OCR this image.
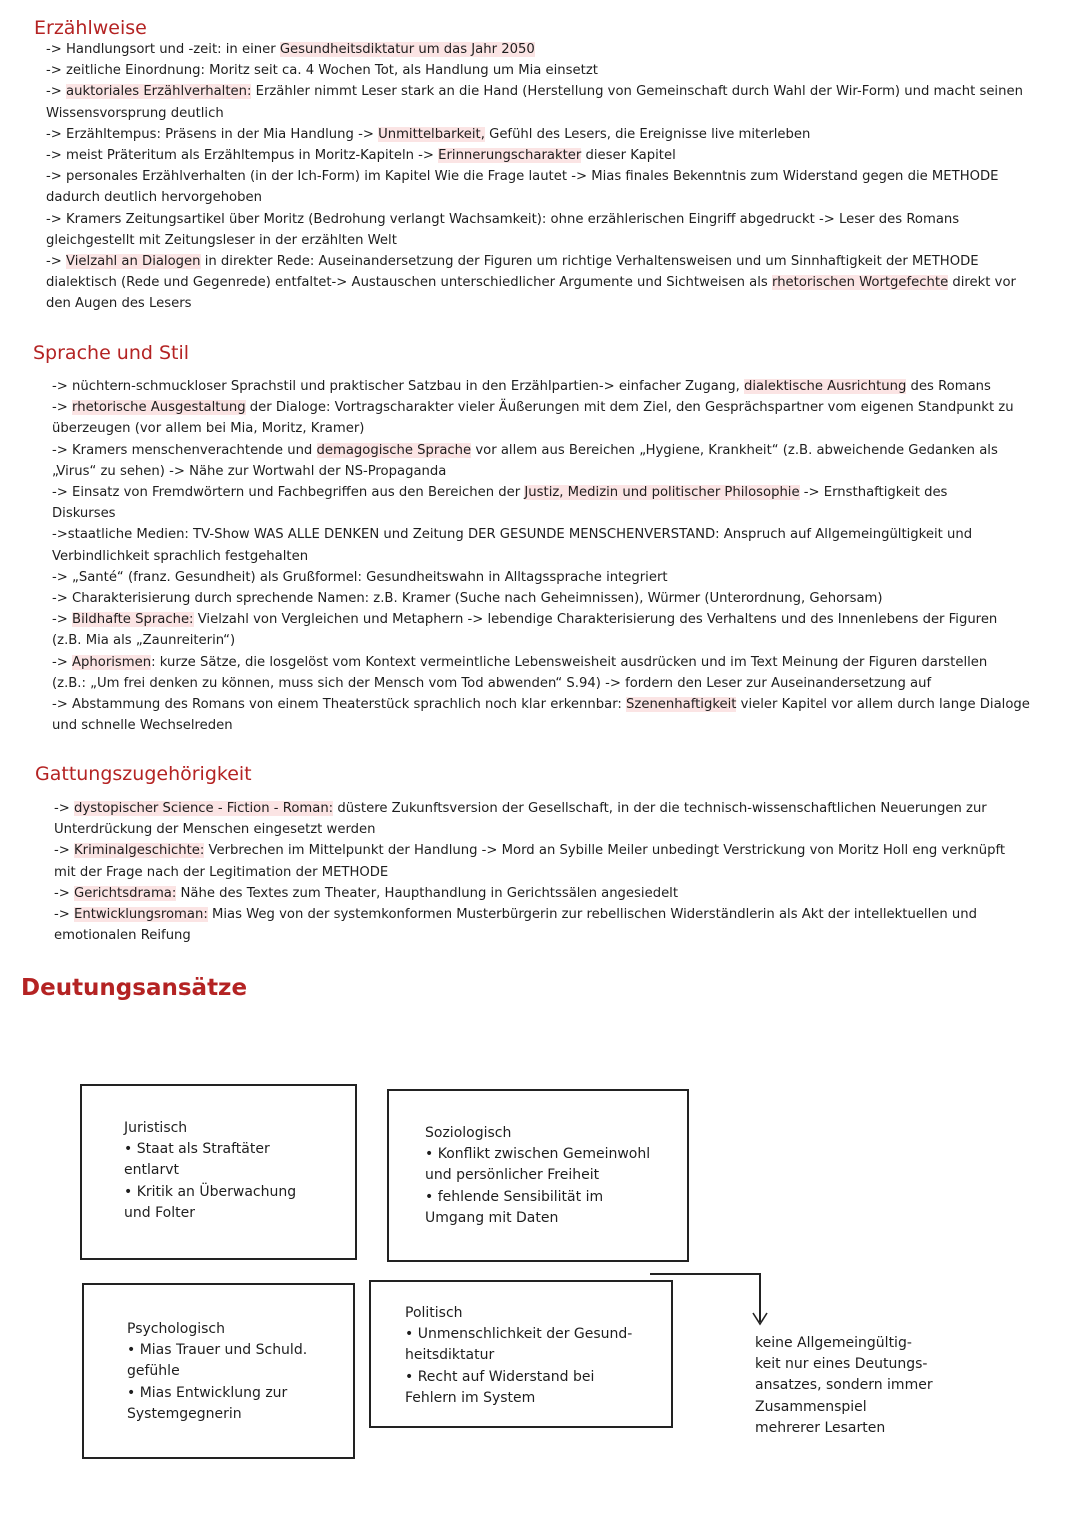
Erzählweise
-> Handlungsort und -zeit: in einer Gesundheitsdiktatur um das Jahr 2050
-> zeitliche Einordnung: Moritz seit ca. 4 Wochen Tot, als Handlung um Mia einsetzt
-> auktoriales Erzählverhalten: Erzähler nimmt Leser stark an die Hand (Herstellung von Gemeinschaft durch Wahl der Wir-Form) und macht seinen
Wissensvorsprung deutlich
-> Erzähltempus: Präsens in der Mia Handlung -> Unmittelbarkeit, Gefühl des Lesers, die Ereignisse live miterleben
-> meist Präteritum als Erzähltempus in Moritz-Kapiteln -> Erinnerungscharakter dieser Kapitel
-> personales Erzählverhalten (in der Ich-Form) im Kapitel Wie die Frage lautet -> Mias finales Bekenntnis zum Widerstand gegen die METHODE
dadurch deutlich hervorgehoben
-> Kramers Zeitungsartikel über Moritz (Bedrohung verlangt Wachsamkeit): ohne erzählerischen Eingriff abgedruckt -> Leser des Romans
gleichgestellt mit Zeitungsleser in der erzählten Welt
-> Vielzahl an Dialogen in direkter Rede: Auseinandersetzung der Figuren um richtige Verhaltensweisen und um Sinnhaftigkeit der METHODE
dialektisch (Rede und Gegenrede) entfaltet-> Austauschen unterschiedlicher Argumente und Sichtweisen als rhetorischen Wortgefechte direkt vor
den Augen des Lesers
Sprache und Stil
-> nüchtern-schmuckloser Sprachstil und praktischer Satzbau in den Erzählpartien-> einfacher Zugang, dialektische Ausrichtung des Romans
-> rhetorische Ausgestaltung der Dialoge: Vortragscharakter vieler Äußerungen mit dem Ziel, den Gesprächspartner vom eigenen Standpunkt zu
überzeugen (vor allem bei Mia, Moritz, Kramer)
-> Kramers menschenverachtende und demagogische Sprache vor allem aus Bereichen „Hygiene, Krankheit“ (z.B. abweichende Gedanken als
„Virus“ zu sehen) -> Nähe zur Wortwahl der NS-Propaganda
-> Einsatz von Fremdwörtern und Fachbegriffen aus den Bereichen der Justiz, Medizin und politischer Philosophie -> Ernsthaftigkeit des
Diskurses
->staatliche Medien: TV-Show WAS ALLE DENKEN und Zeitung DER GESUNDE MENSCHENVERSTAND: Anspruch auf Allgemeingültigkeit und
Verbindlichkeit sprachlich festgehalten
-> „Santé“ (franz. Gesundheit) als Grußformel: Gesundheitswahn in Alltagssprache integriert
-> Charakterisierung durch sprechende Namen: z.B. Kramer (Suche nach Geheimnissen), Würmer (Unterordnung, Gehorsam)
-> Bildhafte Sprache: Vielzahl von Vergleichen und Metaphern -> lebendige Charakterisierung des Verhaltens und des Innenlebens der Figuren
(z.B. Mia als „Zaunreiterin“)
-> Aphorismen: kurze Sätze, die losgelöst vom Kontext vermeintliche Lebensweisheit ausdrücken und im Text Meinung der Figuren darstellen
(z.B.: „Um frei denken zu können, muss sich der Mensch vom Tod abwenden“ S.94) -> fordern den Leser zur Auseinandersetzung auf
-> Abstammung des Romans von einem Theaterstück sprachlich noch klar erkennbar: Szenenhaftigkeit vieler Kapitel vor allem durch lange Dialoge
und schnelle Wechselreden
Gattungszugehörigkeit
-> dystopischer Science - Fiction - Roman: düstere Zukunftsversion der Gesellschaft, in der die technisch-wissenschaftlichen Neuerungen zur
Unterdrückung der Menschen eingesetzt werden
-> Kriminalgeschichte: Verbrechen im Mittelpunkt der Handlung -> Mord an Sybille Meiler unbedingt Verstrickung von Moritz Holl eng verknüpft
mit der Frage nach der Legitimation der METHODE
-> Gerichtsdrama: Nähe des Textes zum Theater, Haupthandlung in Gerichtssälen angesiedelt
-> Entwicklungsroman: Mias Weg von der systemkonformen Musterbürgerin zur rebellischen Widerständlerin als Akt der intellektuellen und
emotionalen Reifung
Deutungsansätze
Juristisch
• Staat als Straftäter
entlarvt
• Kritik an Überwachung
und Folter
Soziologisch
• Konflikt zwischen Gemeinwohl
und persönlicher Freiheit
• fehlende Sensibilität im
Umgang mit Daten
Psychologisch
• Mias Trauer und Schuld.
gefühle
• Mias Entwicklung zur
Systemgegnerin
Politisch
• Unmenschlichkeit der Gesund-
heitsdiktatur
• Recht auf Widerstand bei
Fehlern im System
keine Allgemeingültig-
keit nur eines Deutungs-
ansatzes, sondern immer
Zusammenspiel
mehrerer Lesarten
